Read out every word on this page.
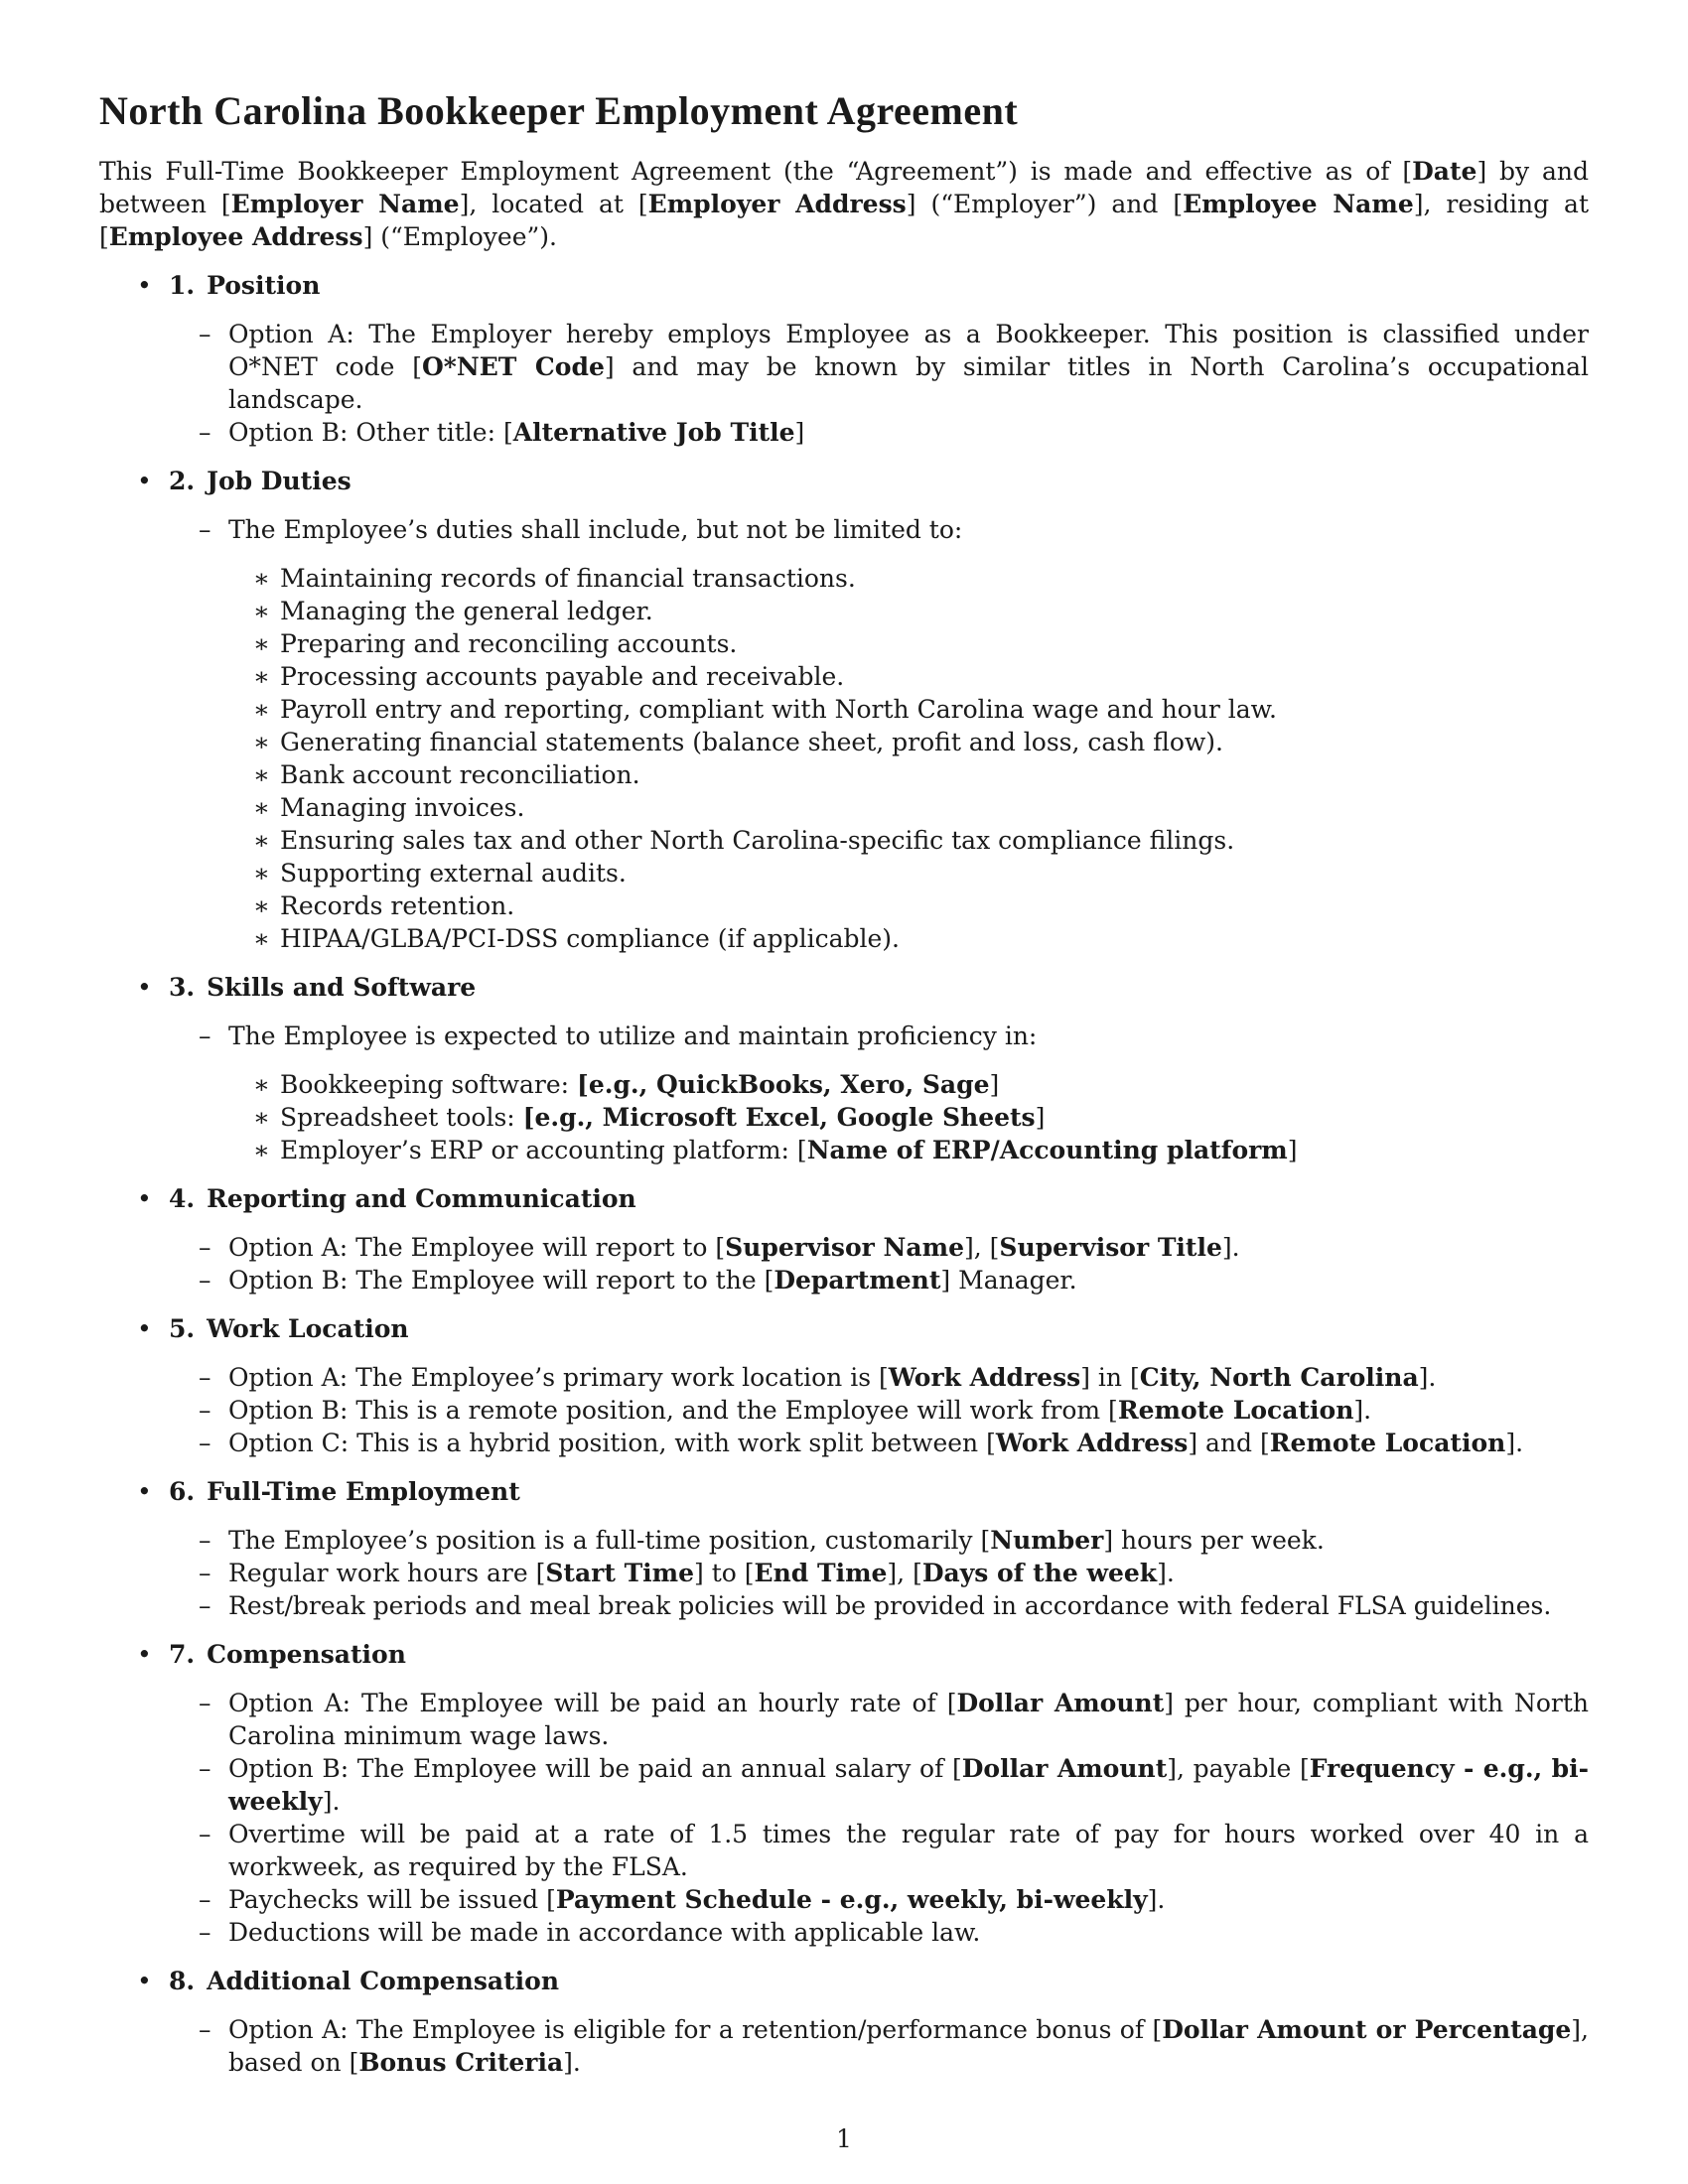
North Carolina Bookkeeper Employment Agreement

This Full-Time Bookkeeper Employment Agreement (the “Agreement”) is made and effective as of [Date] by and between [Employer Name], located at [Employer Address] (“Employer”) and [Employee Name], residing at [Employee Address] (“Employee”).

• 1. Position
– Option A: The Employer hereby employs Employee as a Bookkeeper. This position is classified under O*NET code [O*NET Code] and may be known by similar titles in North Carolina’s occupational landscape.
– Option B: Other title: [Alternative Job Title]
• 2. Job Duties
– The Employee’s duties shall include, but not be limited to:
∗ Maintaining records of financial transactions.
∗ Managing the general ledger.
∗ Preparing and reconciling accounts.
∗ Processing accounts payable and receivable.
∗ Payroll entry and reporting, compliant with North Carolina wage and hour law.
∗ Generating financial statements (balance sheet, profit and loss, cash flow).
∗ Bank account reconciliation.
∗ Managing invoices.
∗ Ensuring sales tax and other North Carolina-specific tax compliance filings.
∗ Supporting external audits.
∗ Records retention.
∗ HIPAA/GLBA/PCI-DSS compliance (if applicable).
• 3. Skills and Software
– The Employee is expected to utilize and maintain proficiency in:
∗ Bookkeeping software: [e.g., QuickBooks, Xero, Sage]
∗ Spreadsheet tools: [e.g., Microsoft Excel, Google Sheets]
∗ Employer’s ERP or accounting platform: [Name of ERP/Accounting platform]
• 4. Reporting and Communication
– Option A: The Employee will report to [Supervisor Name], [Supervisor Title].
– Option B: The Employee will report to the [Department] Manager.
• 5. Work Location
– Option A: The Employee’s primary work location is [Work Address] in [City, North Carolina].
– Option B: This is a remote position, and the Employee will work from [Remote Location].
– Option C: This is a hybrid position, with work split between [Work Address] and [Remote Location].
• 6. Full-Time Employment
– The Employee’s position is a full-time position, customarily [Number] hours per week.
– Regular work hours are [Start Time] to [End Time], [Days of the week].
– Rest/break periods and meal break policies will be provided in accordance with federal FLSA guidelines.
• 7. Compensation
– Option A: The Employee will be paid an hourly rate of [Dollar Amount] per hour, compliant with North Carolina minimum wage laws.
– Option B: The Employee will be paid an annual salary of [Dollar Amount], payable [Frequency - e.g., bi-weekly].
– Overtime will be paid at a rate of 1.5 times the regular rate of pay for hours worked over 40 in a workweek, as required by the FLSA.
– Paychecks will be issued [Payment Schedule - e.g., weekly, bi-weekly].
– Deductions will be made in accordance with applicable law.
• 8. Additional Compensation
– Option A: The Employee is eligible for a retention/performance bonus of [Dollar Amount or Percentage], based on [Bonus Criteria].
1
